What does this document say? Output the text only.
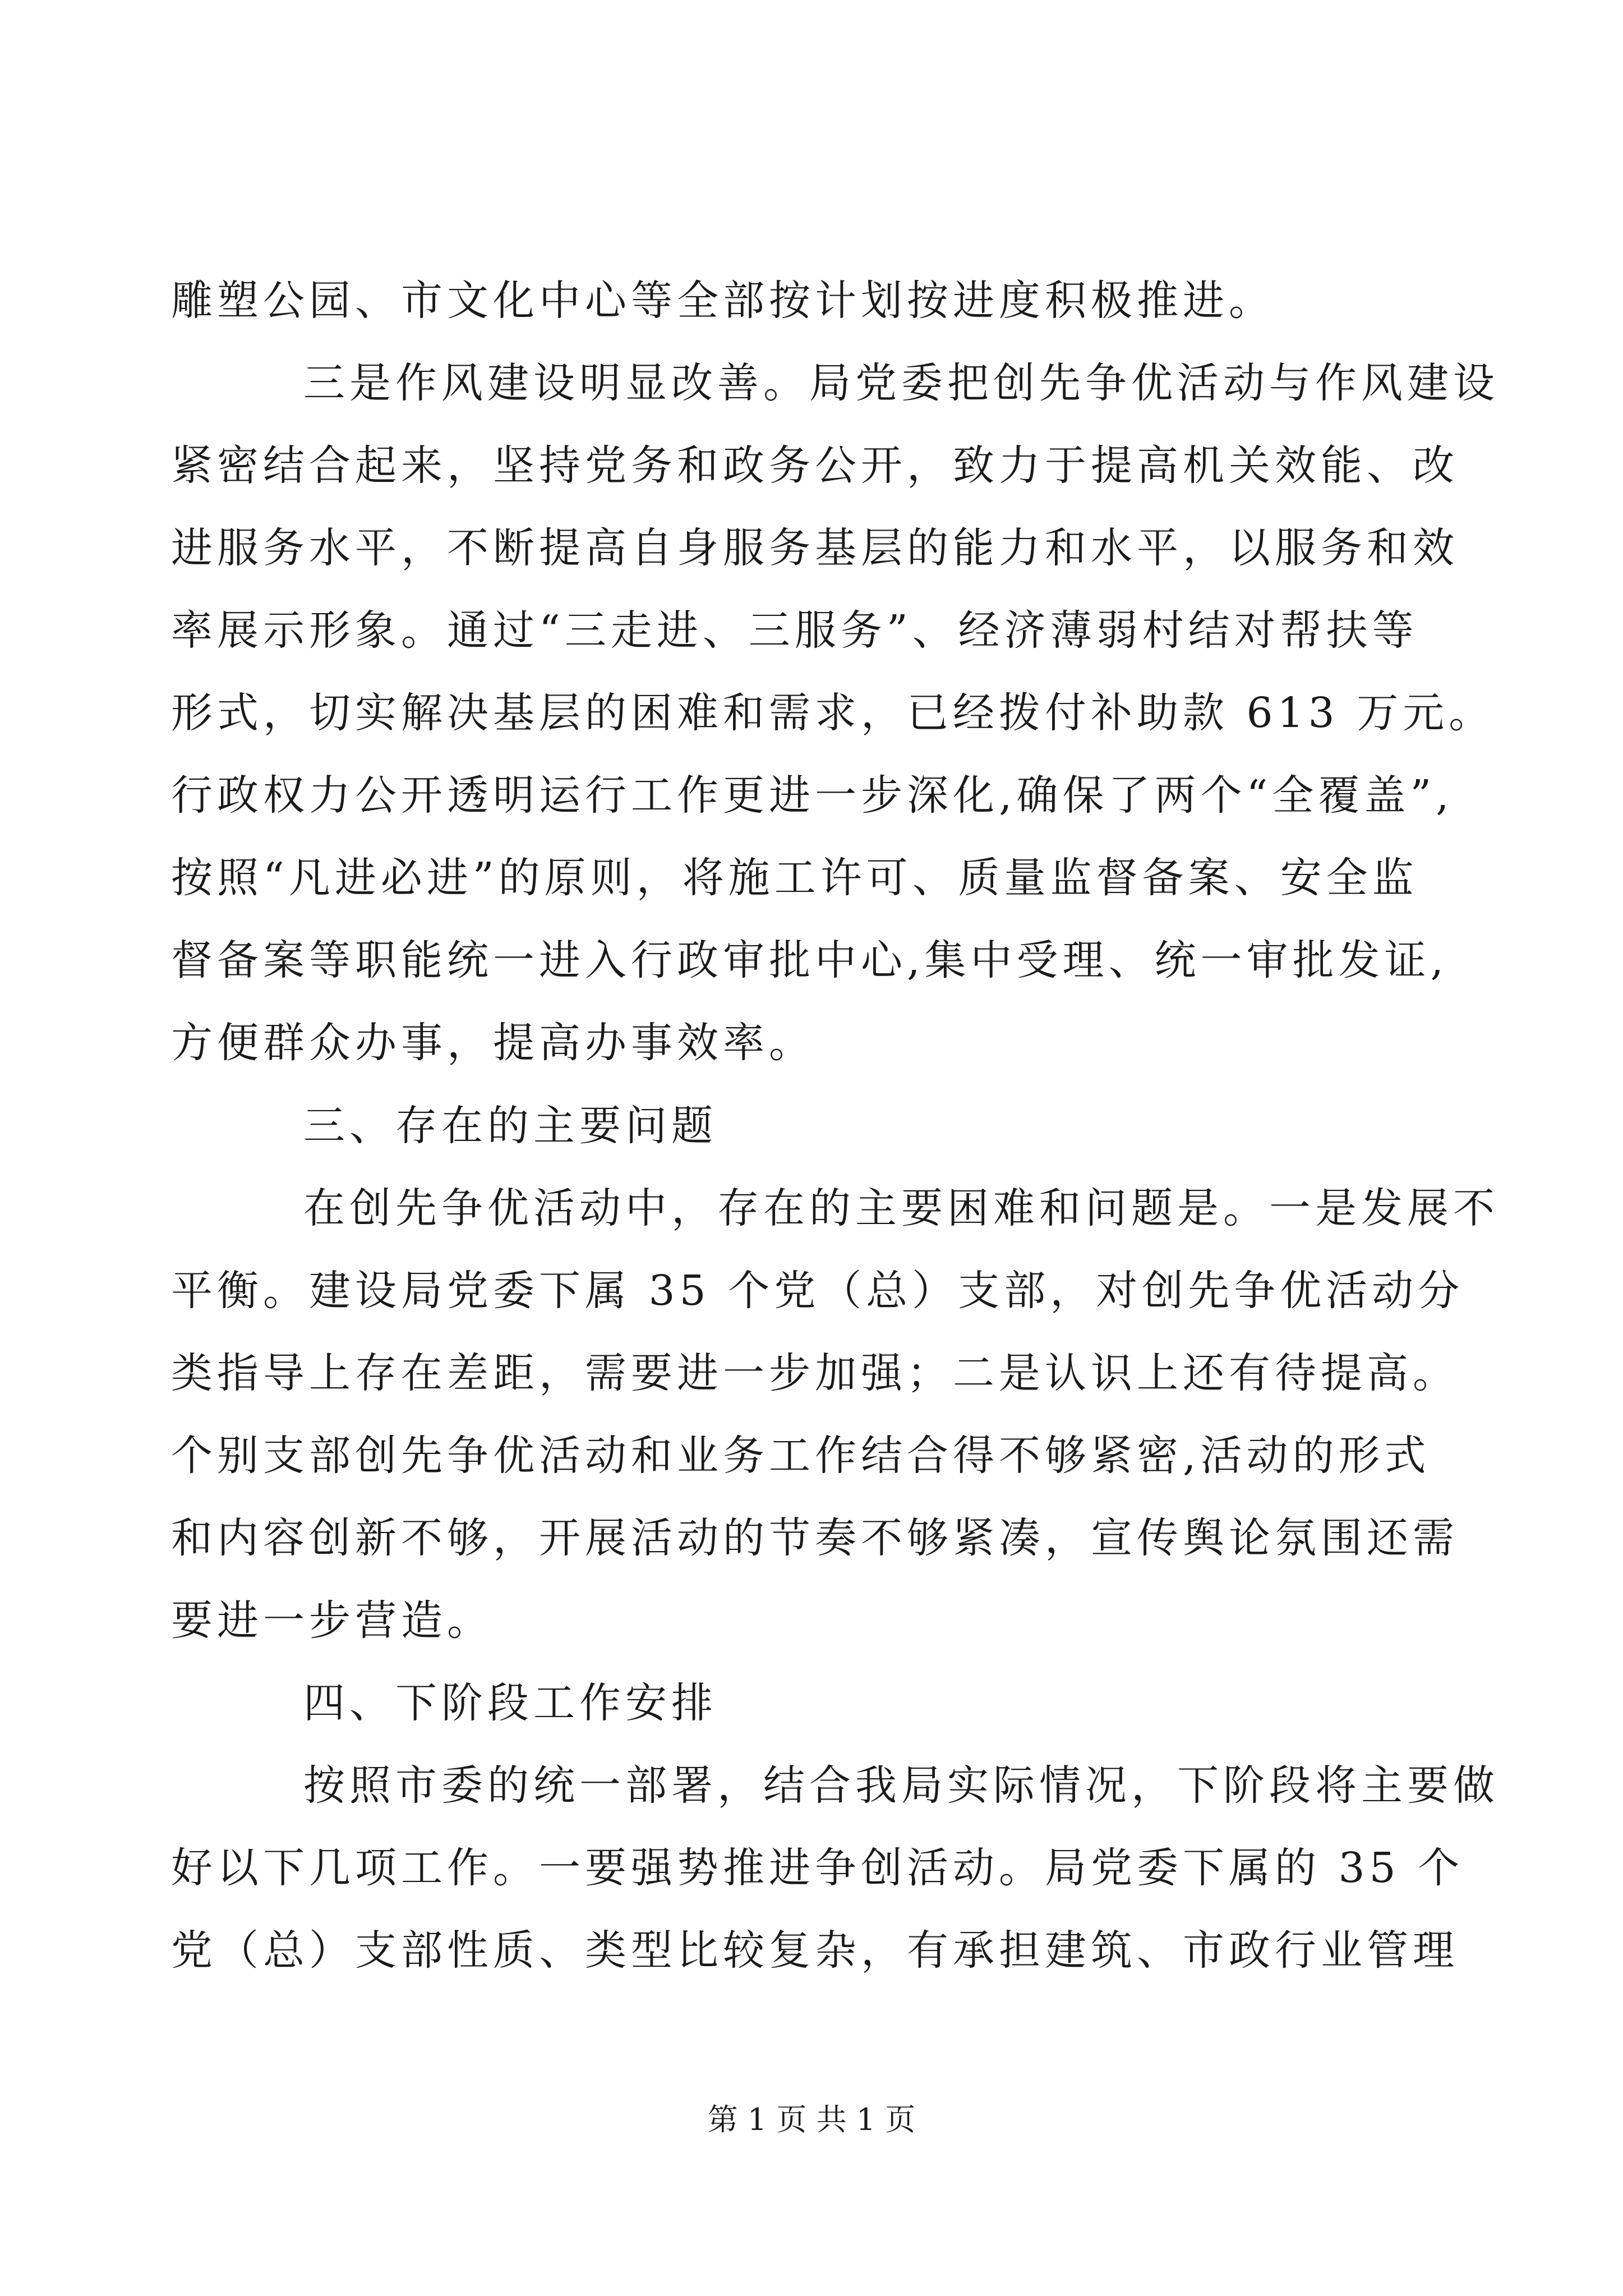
雕塑公园、市文化中心等全部按计划按进度积极推进。
三是作风建设明显改善。局党委把创先争优活动与作风建设
紧密结合起来，坚持党务和政务公开，致力于提高机关效能、改
进服务水平，不断提高自身服务基层的能力和水平，以服务和效
率展示形象。通过“三走进、三服务”、经济薄弱村结对帮扶等
形式，切实解决基层的困难和需求，已经拨付补助款 613 万元。
行政权力公开透明运行工作更进一步深化,确保了两个“全覆盖”,
按照“凡进必进”的原则，将施工许可、质量监督备案、安全监
督备案等职能统一进入行政审批中心,集中受理、统一审批发证,
方便群众办事，提高办事效率。
三、存在的主要问题
在创先争优活动中，存在的主要困难和问题是。一是发展不
平衡。建设局党委下属 35 个党（总）支部，对创先争优活动分
类指导上存在差距，需要进一步加强；二是认识上还有待提高。
个别支部创先争优活动和业务工作结合得不够紧密,活动的形式
和内容创新不够，开展活动的节奏不够紧凑，宣传舆论氛围还需
要进一步营造。
四、下阶段工作安排
按照市委的统一部署，结合我局实际情况，下阶段将主要做
好以下几项工作。一要强势推进争创活动。局党委下属的 35 个
党（总）支部性质、类型比较复杂，有承担建筑、市政行业管理
第 1 页 共 1 页
